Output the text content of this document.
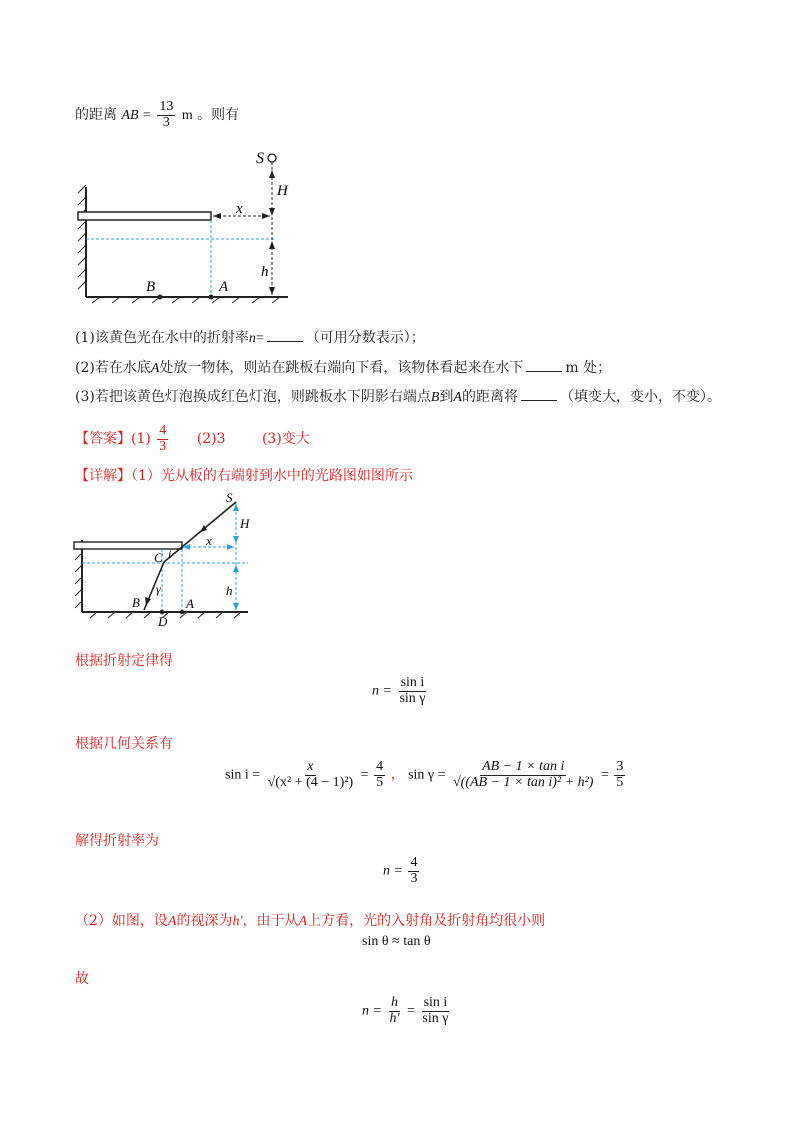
的距离 AB = $\frac{13}{3}$ m 。则有
S
H
x
h
B	A
(1)该黄色光在水中的折射率n=	（可用分数表示）；
(2)若在水底A处放一物体，则站在跳板右端向下看，该物体看起来在水下	m 处；
(3)若把该黄色灯泡换成红色灯泡，则跳板水下阴影右端点B到A的距离将	（填变大，变小，不变）。
【答案】$(1) \frac{4}{3} (2)3$	(3)变大
【详解】（1）光从板的右端射到水中的光路图如图所示
S
H
C i
x
γ	h
B	A
D
根据折射定律得
$n = \frac{\text{sin i}}{\text{sin γ}}$
根据几何关系有
$\sin i = \frac{x}{\text{√(x² + (4 − 1)²)}} = \frac{4}{5}$ ， $\sin \gamma = \frac{\text{AB − 1 × tan i}}{\text{√((AB − 1 × tan i)² + h²)}} = \frac{3}{5}$
解得折射率为
$n = \frac{4}{3}$
（2）如图，设A的视深为h′，由于从A上方看，光的入射角及折射角均很小则
sin θ ≈ tan θ
故
$n = \frac{h}{h'} = \frac{\text{sin i}}{\text{sin γ}}$
